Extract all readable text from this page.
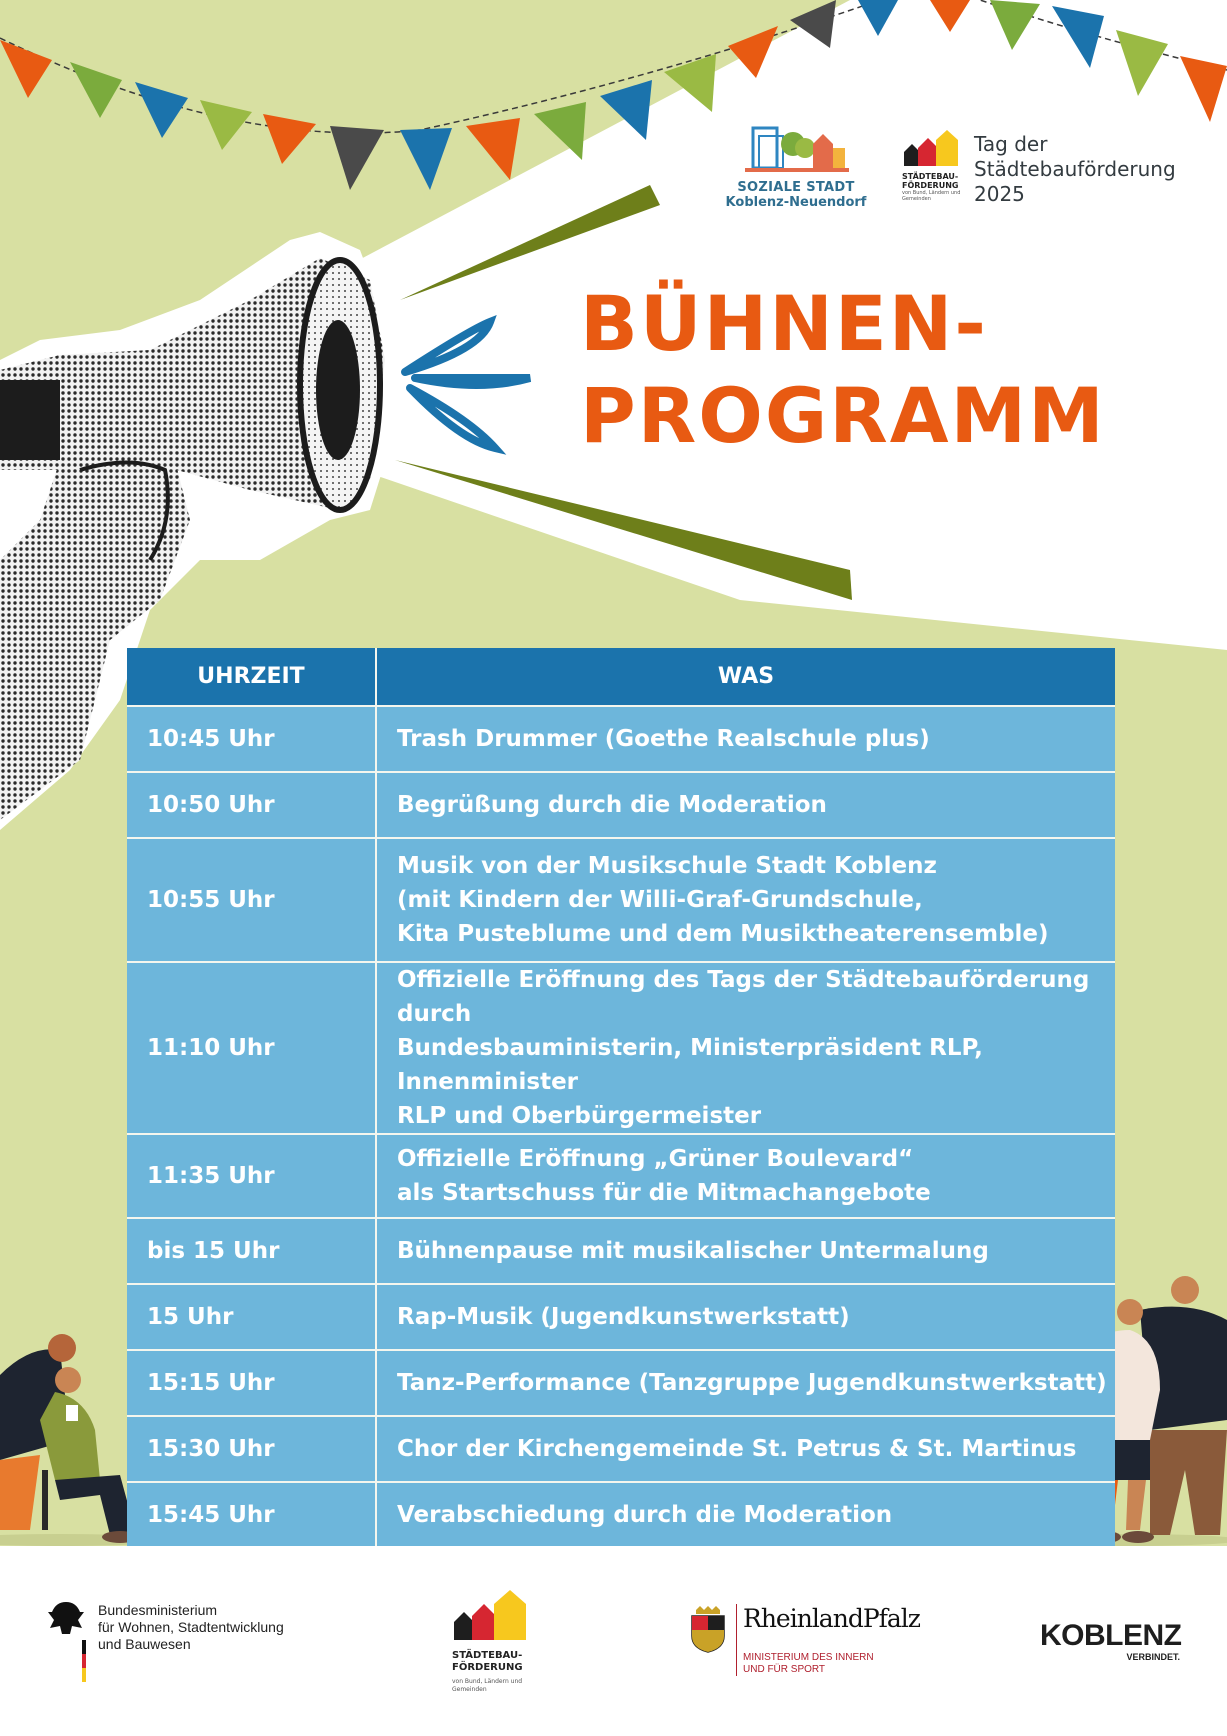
SOZIALE STADT
Koblenz-Neuendorf
STÄDTEBAU-
FÖRDERUNG
von Bund, Ländern und
Gemeinden
Tag der
Städtebauförderung
2025
BÜHNEN-
PROGRAMM
UHRZEIT	WAS
10:45 Uhr	Trash Drummer (Goethe Realschule plus)
10:50 Uhr	Begrüßung durch die Moderation
10:55 Uhr	Musik von der Musikschule Stadt Koblenz
(mit Kindern der Willi-Graf-Grundschule,
Kita Pusteblume und dem Musiktheaterensemble)
11:10 Uhr	Offizielle Eröffnung des Tags der Städtebauförderung durch
Bundesbauministerin, Ministerpräsident RLP, Innenminister
RLP und Oberbürgermeister
11:35 Uhr	Offizielle Eröffnung „Grüner Boulevard“
als Startschuss für die Mitmachangebote
bis 15 Uhr	Bühnenpause mit musikalischer Untermalung
15 Uhr	Rap-Musik (Jugendkunstwerkstatt)
15:15 Uhr	Tanz-Performance (Tanzgruppe Jugendkunstwerkstatt)
15:30 Uhr	Chor der Kirchengemeinde St. Petrus & St. Martinus
15:45 Uhr	Verabschiedung durch die Moderation
Bundesministerium
für Wohnen, Stadtentwicklung
und Bauwesen
STÄDTEBAU-
FÖRDERUNG
von Bund, Ländern und
Gemeinden
RheinlandPfalz
MINISTERIUM DES INNERN
UND FÜR SPORT
KOBLENZ
VERBINDET.
